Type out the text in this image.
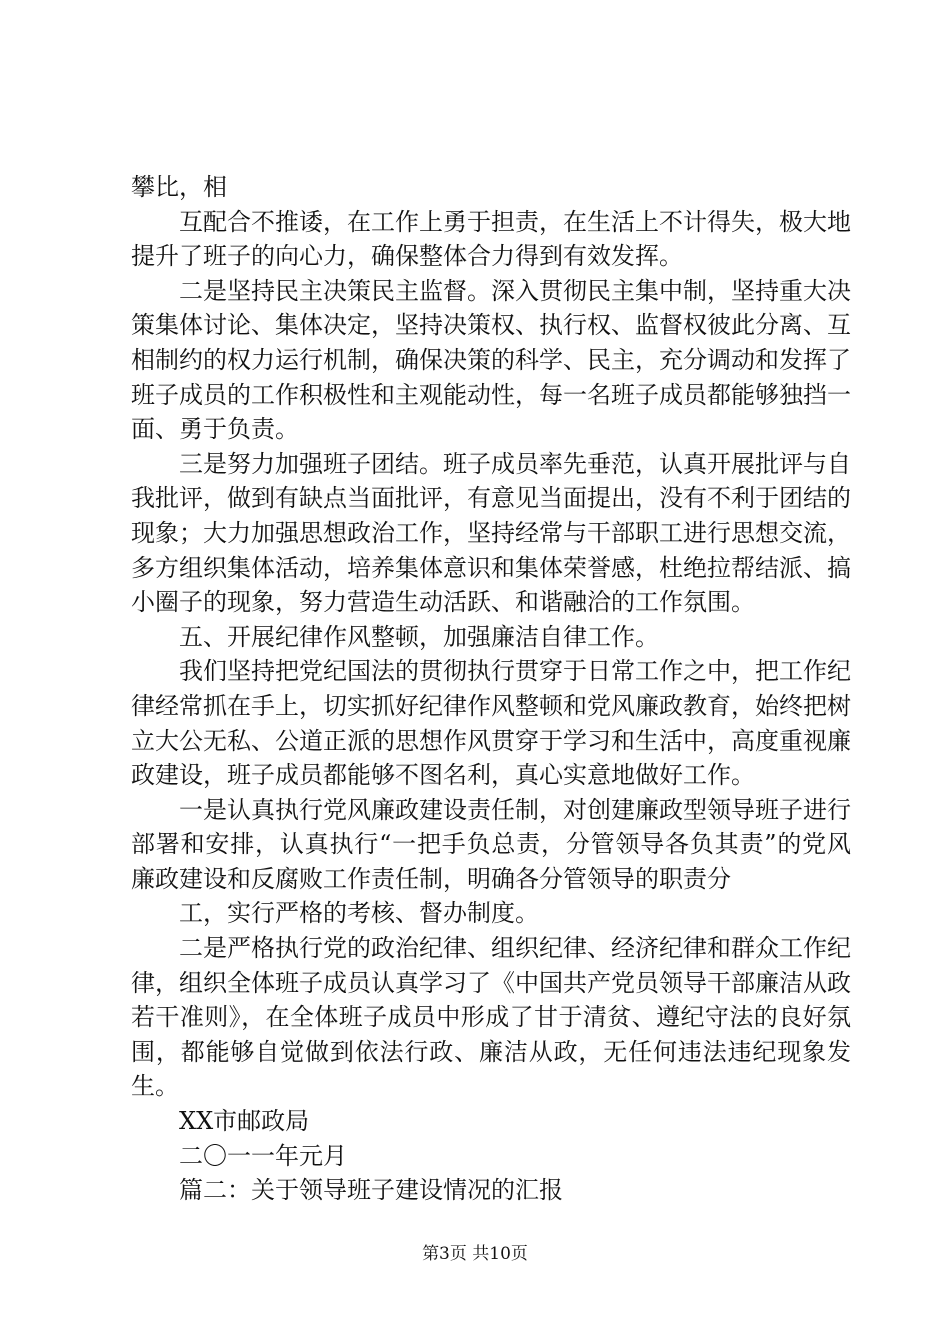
攀比，相

互配合不推诿，在工作上勇于担责，在生活上不计得失，极大地提升了班子的向心力，确保整体合力得到有效发挥。

二是坚持民主决策民主监督。深入贯彻民主集中制，坚持重大决策集体讨论、集体决定，坚持决策权、执行权、监督权彼此分离、互相制约的权力运行机制，确保决策的科学、民主，充分调动和发挥了班子成员的工作积极性和主观能动性，每一名班子成员都能够独挡一面、勇于负责。

三是努力加强班子团结。班子成员率先垂范，认真开展批评与自我批评，做到有缺点当面批评，有意见当面提出，没有不利于团结的现象；大力加强思想政治工作，坚持经常与干部职工进行思想交流，多方组织集体活动，培养集体意识和集体荣誉感，杜绝拉帮结派、搞小圈子的现象，努力营造生动活跃、和谐融洽的工作氛围。

五、开展纪律作风整顿，加强廉洁自律工作。

我们坚持把党纪国法的贯彻执行贯穿于日常工作之中，把工作纪律经常抓在手上，切实抓好纪律作风整顿和党风廉政教育，始终把树立大公无私、公道正派的思想作风贯穿于学习和生活中，高度重视廉政建设，班子成员都能够不图名利，真心实意地做好工作。

一是认真执行党风廉政建设责任制，对创建廉政型领导班子进行部署和安排，认真执行“一把手负总责，分管领导各负其责”的党风廉政建设和反腐败工作责任制，明确各分管领导的职责分

工，实行严格的考核、督办制度。

二是严格执行党的政治纪律、组织纪律、经济纪律和群众工作纪律，组织全体班子成员认真学习了《中国共产党员领导干部廉洁从政若干准则》，在全体班子成员中形成了甘于清贫、遵纪守法的良好氛围，都能够自觉做到依法行政、廉洁从政，无任何违法违纪现象发生。

XX市邮政局

二〇一一年元月

篇二：关于领导班子建设情况的汇报

第3页 共10页
